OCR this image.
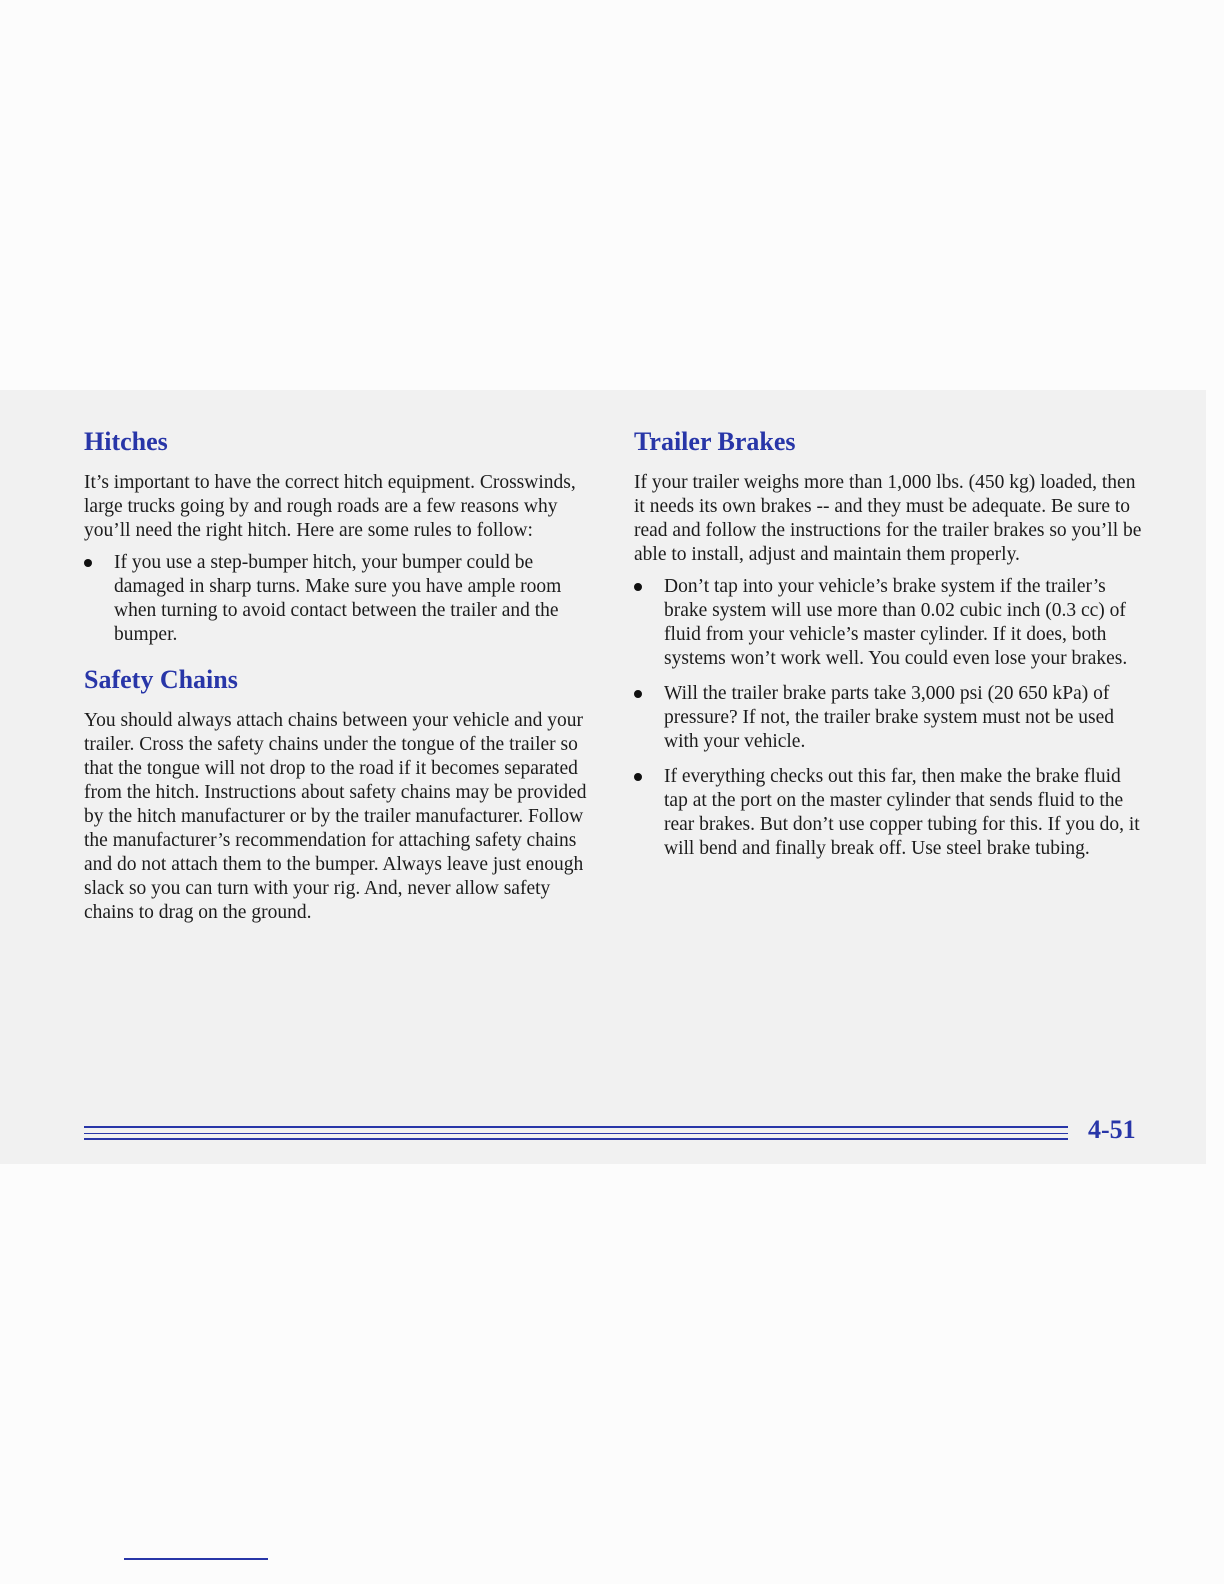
Hitches

It’s important to have the correct hitch equipment. Crosswinds, large trucks going by and rough roads are a few reasons why you’ll need the right hitch. Here are some rules to follow:

If you use a step-bumper hitch, your bumper could be damaged in sharp turns. Make sure you have ample room when turning to avoid contact between the trailer and the bumper.
Safety Chains

You should always attach chains between your vehicle and your trailer. Cross the safety chains under the tongue of the trailer so that the tongue will not drop to the road if it becomes separated from the hitch. Instructions about safety chains may be provided by the hitch manufacturer or by the trailer manufacturer. Follow the manufacturer’s recommendation for attaching safety chains and do not attach them to the bumper. Always leave just enough slack so you can turn with your rig. And, never allow safety chains to drag on the ground.

Trailer Brakes

If your trailer weighs more than 1,000 lbs. (450 kg) loaded, then it needs its own brakes -- and they must be adequate. Be sure to read and follow the instructions for the trailer brakes so you’ll be able to install, adjust and maintain them properly.

Don’t tap into your vehicle’s brake system if the trailer’s brake system will use more than 0.02 cubic inch (0.3 cc) of fluid from your vehicle’s master cylinder. If it does, both systems won’t work well. You could even lose your brakes.
Will the trailer brake parts take 3,000 psi (20 650 kPa) of pressure? If not, the trailer brake system must not be used with your vehicle.
If everything checks out this far, then make the brake fluid tap at the port on the master cylinder that sends fluid to the rear brakes. But don’t use copper tubing for this. If you do, it will bend and finally break off. Use steel brake tubing.
4-51
